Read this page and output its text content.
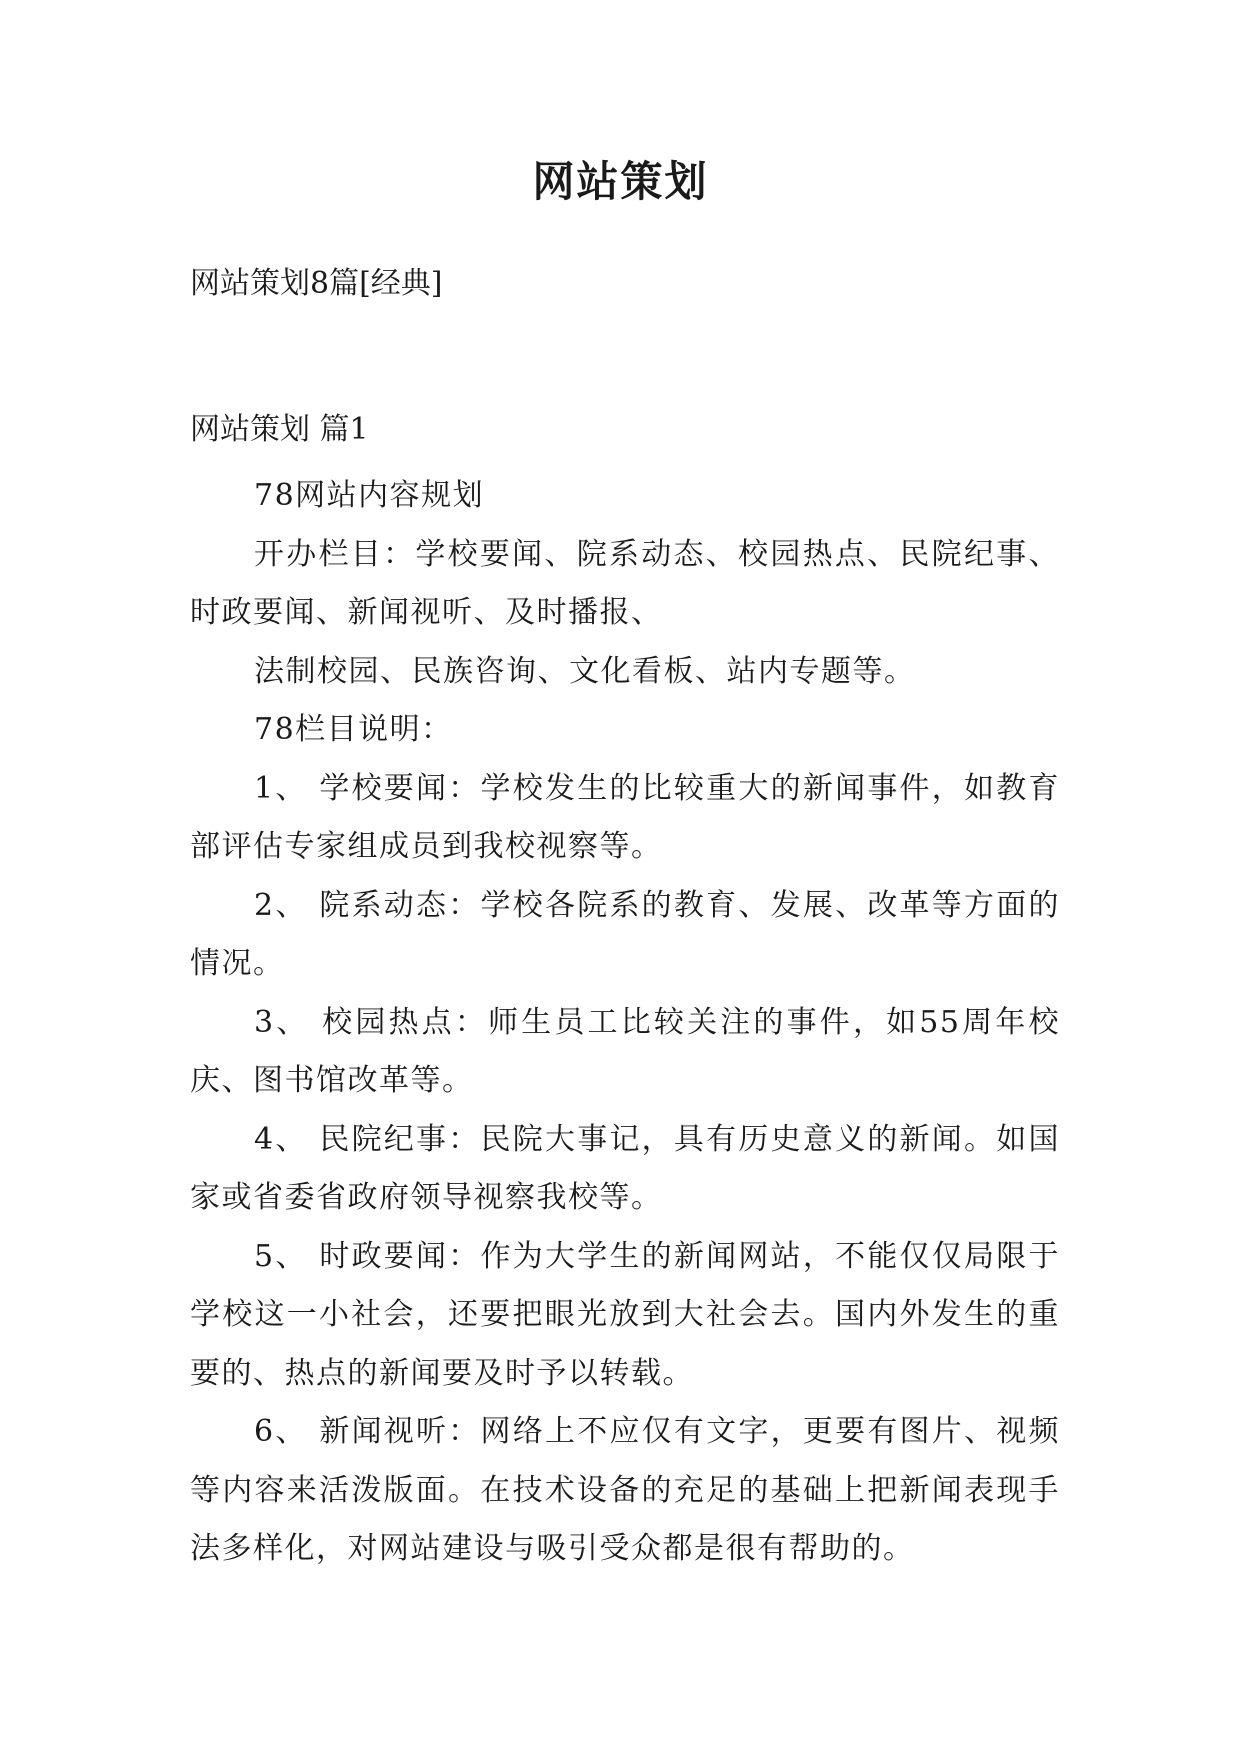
网站策划

网站策划8篇[经典]

网站策划 篇1

78网站内容规划

开办栏目：学校要闻、院系动态、校园热点、民院纪事、时政要闻、新闻视听、及时播报、

法制校园、民族咨询、文化看板、站内专题等。

78栏目说明：

1、 学校要闻：学校发生的比较重大的新闻事件，如教育部评估专家组成员到我校视察等。

2、 院系动态：学校各院系的教育、发展、改革等方面的情况。

3、 校园热点：师生员工比较关注的事件，如55周年校庆、图书馆改革等。

4、 民院纪事：民院大事记，具有历史意义的新闻。如国家或省委省政府领导视察我校等。

5、 时政要闻：作为大学生的新闻网站，不能仅仅局限于学校这一小社会，还要把眼光放到大社会去。国内外发生的重要的、热点的新闻要及时予以转载。

6、 新闻视听：网络上不应仅有文字，更要有图片、视频等内容来活泼版面。在技术设备的充足的基础上把新闻表现手法多样化，对网站建设与吸引受众都是很有帮助的。
